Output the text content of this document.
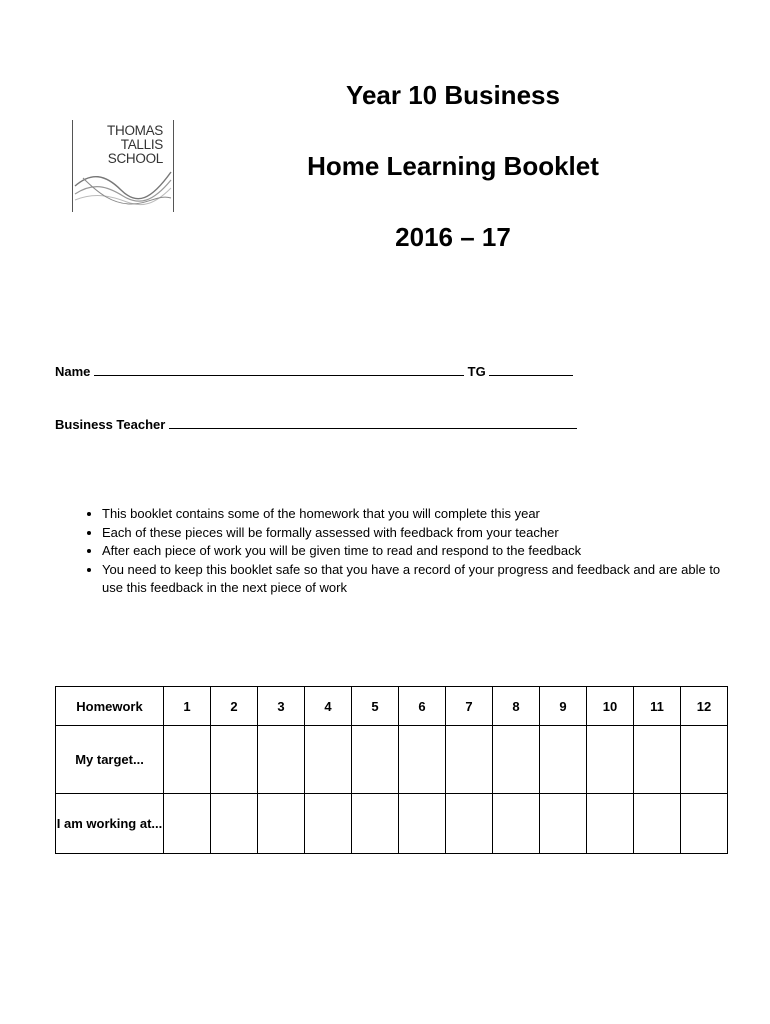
THOMAS
TALLIS
SCHOOL
Year 10 Business
Home Learning Booklet
2016 – 17
Name	TG
Business Teacher
• This booklet contains some of the homework that you will complete this year
• Each of these pieces will be formally assessed with feedback from your teacher
• After each piece of work you will be given time to read and respond to the feedback
• You need to keep this booklet safe so that you have a record of your progress and feedback and are able to use this feedback in the next piece of work
Homework	1	2	3	4	5	6	7	8	9	10	11	12
My target...												
I am working at...												
